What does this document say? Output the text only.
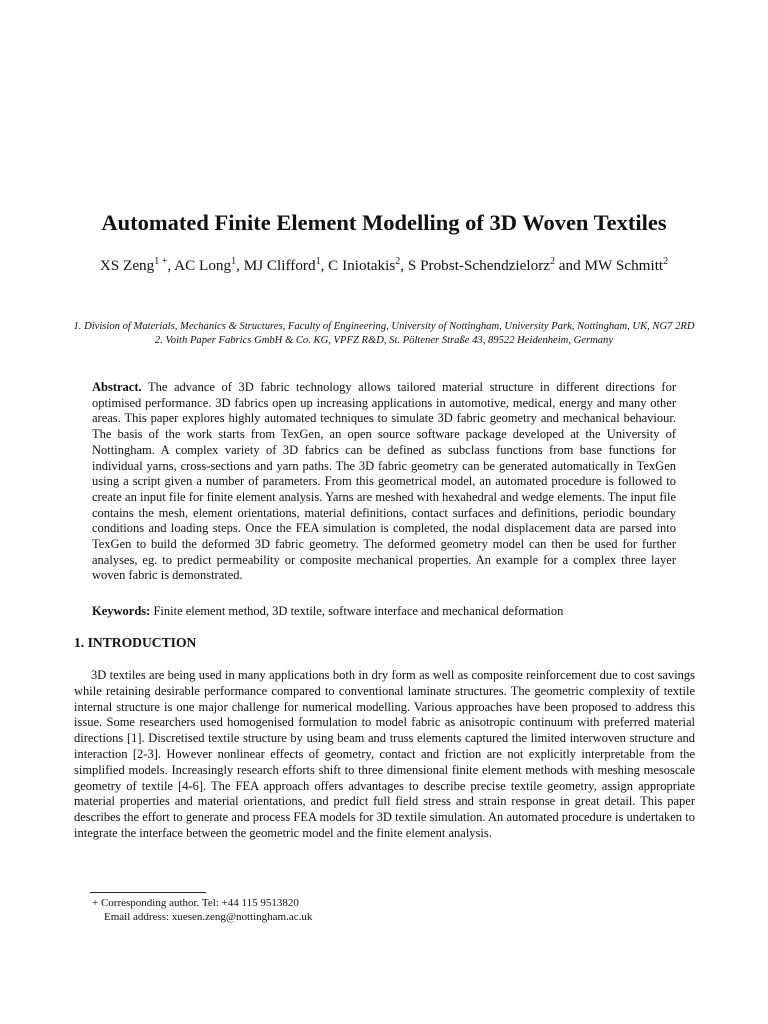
Automated Finite Element Modelling of 3D Woven Textiles

XS Zeng$^{1 +}$, AC Long$^1$, MJ Clifford$^1$, C Iniotakis$^2$, S Probst-Schendzielorz$^2$ and MW Schmitt$^2$

1. Division of Materials, Mechanics & Structures, Faculty of Engineering, University of Nottingham, University Park, Nottingham, UK, NG7 2RD
2. Voith Paper Fabrics GmbH & Co. KG, VPFZ R&D, St. Pöltener Straße 43, 89522 Heidenheim, Germany

Abstract. The advance of 3D fabric technology allows tailored material structure in different directions for optimised performance. 3D fabrics open up increasing applications in automotive, medical, energy and many other areas. This paper explores highly automated techniques to simulate 3D fabric geometry and mechanical behaviour. The basis of the work starts from TexGen, an open source software package developed at the University of Nottingham. A complex variety of 3D fabrics can be defined as subclass functions from base functions for individual yarns, cross-sections and yarn paths. The 3D fabric geometry can be generated automatically in TexGen using a script given a number of parameters. From this geometrical model, an automated procedure is followed to create an input file for finite element analysis. Yarns are meshed with hexahedral and wedge elements. The input file contains the mesh, element orientations, material definitions, contact surfaces and definitions, periodic boundary conditions and loading steps. Once the FEA simulation is completed, the nodal displacement data are parsed into TexGen to build the deformed 3D fabric geometry. The deformed geometry model can then be used for further analyses, eg. to predict permeability or composite mechanical properties. An example for a complex three layer woven fabric is demonstrated.

Keywords: Finite element method, 3D textile, software interface and mechanical deformation

1. INTRODUCTION

3D textiles are being used in many applications both in dry form as well as composite reinforcement due to cost savings while retaining desirable performance compared to conventional laminate structures. The geometric complexity of textile internal structure is one major challenge for numerical modelling. Various approaches have been proposed to address this issue. Some researchers used homogenised formulation to model fabric as anisotropic continuum with preferred material directions [1]. Discretised textile structure by using beam and truss elements captured the limited interwoven structure and interaction [2-3]. However nonlinear effects of geometry, contact and friction are not explicitly interpretable from the simplified models. Increasingly research efforts shift to three dimensional finite element methods with meshing mesoscale geometry of textile [4-6]. The FEA approach offers advantages to describe precise textile geometry, assign appropriate material properties and material orientations, and predict full field stress and strain response in great detail. This paper describes the effort to generate and process FEA models for 3D textile simulation. An automated procedure is undertaken to integrate the interface between the geometric model and the finite element analysis.

+ Corresponding author. Tel: +44 115 9513820
Email address: xuesen.zeng@nottingham.ac.uk
